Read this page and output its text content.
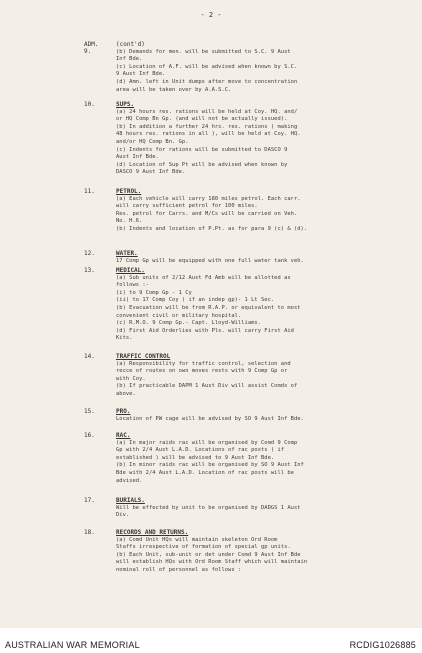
- 2 -
ADM.
9.
(cont'd)
(b) Demands for men. will be submitted to S.C. 9 Aust
Inf Bde.
(c) Location of A.F. will be advised when known by S.C.
9 Aust Inf Bde.
(d) Amn. left in Unit dumps after move to concentration
area will be taken over by A.A.S.C.
10.	SUPS.
(a) 24 hours res. rations will be held at Coy. HQ. and/
or HQ Comp Bn Gp. (and will not be actually issued).
(b) In addition a further 24 hrs. res. rations ( making
48 hours res. rations in all ), will be held at Coy. HQ.
and/or HQ Comp Bn. Gp.
(c) Indents for rations will be submitted to DASCO 9
Aust Inf Bde.
(d) Location of Sup Pt will be advised when known by
DASCO 9 Aust Inf Bde.
11.	PETROL.
(a) Each vehicle will carry 180 miles petrol. Each carr.
will carry sufficient petrol for 100 miles.
Res. petrol for Carrs. and M/Cs will be carried on Veh.
No. H.6.
(b) Indents and location of P.Pt. as for para 9 (c) & (d).
12.	WATER.
17 Comp Gp will be equipped with one full water tank veh.
13.	MEDICAL.
(a) Sub units of 2/12 Aust Fd Amb will be allotted as
follows :-
(i) to 9 Comp Gp - 1 Cy
(ii) to 17 Comp Coy ( if an indep gp)- 1 Lt Sec.
(b) Evacuation will be from R.A.P. or equivalent to most
convenient civil or military hospital.
(c) R.M.O. 9 Comp Gp.- Capt. Lloyd-Williams.
(d) First Aid Orderlies with Pls. will carry First Aid
Kits.
14.	TRAFFIC CONTROL
(a) Responsibility for traffic control, selection and
recce of routes on own moves rests with 9 Comp Gp or
with Coy.
(b) If practicable DAPM 1 Aust Div will assist Comds of
above.
15.	PRO.
Location of PW cage will be advised by SO 9 Aust Inf Bde.
16.	RAC.
(a) In major raids rac will be organised by Comd 9 Comp
Gp with 2/4 Aust L.A.D. Locations of rac posts ( if
established ) will be advised to 9 Aust Inf Bde.
(b) In minor raids rac will be organised by SO 9 Aust Inf
Bde with 2/4 Aust L.A.D. Location of rac posts will be
advised.
17.	BURIALS.
Will be effected by unit to be organised by DADGS 1 Aust
Div.
18.	RECORDS AND RETURNS.
(a) Comd Unit HQs will maintain skeleton Ord Room
Staffs irrespective of formation of special gp units.
(b) Each Unit, sub-unit or det under Comd 9 Aust Inf Bde
will establish HQs with Ord Room Staff which will maintain
nominal roll of personnel as follows :
AUSTRALIAN WAR MEMORIAL	RCDIG1026885
